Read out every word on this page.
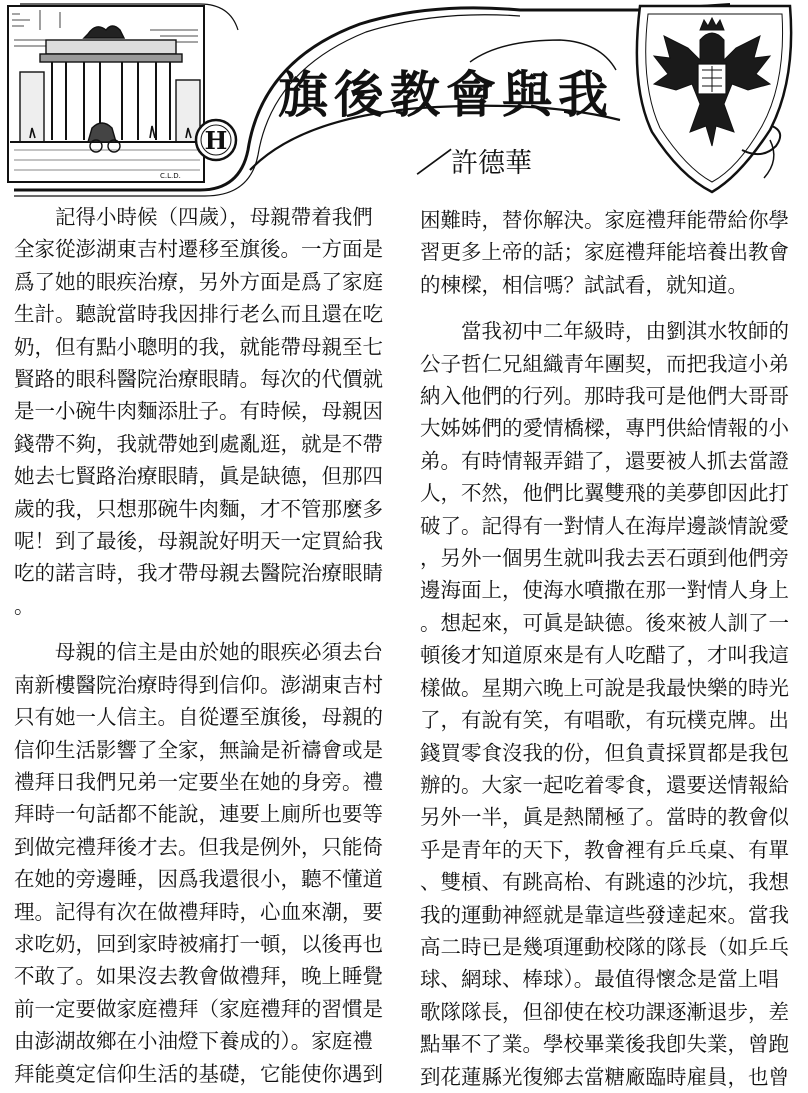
C.L.D.
H
旗後教會與我
／許德華

記得小時候（四歲），母親帶着我們
全家從澎湖東吉村遷移至旗後。一方面是
爲了她的眼疾治療，另外方面是爲了家庭
生計。聽說當時我因排行老么而且還在吃
奶，但有點小聰明的我，就能帶母親至七
賢路的眼科醫院治療眼睛。每次的代價就
是一小碗牛肉麵添肚子。有時候，母親因
錢帶不夠，我就帶她到處亂逛，就是不帶
她去七賢路治療眼睛，眞是缺德，但那四
歲的我，只想那碗牛肉麵，才不管那麼多
呢！到了最後，母親說好明天一定買給我
吃的諾言時，我才帶母親去醫院治療眼睛
。

母親的信主是由於她的眼疾必須去台
南新樓醫院治療時得到信仰。澎湖東吉村
只有她一人信主。自從遷至旗後，母親的
信仰生活影響了全家，無論是祈禱會或是
禮拜日我們兄弟一定要坐在她的身旁。禮
拜時一句話都不能說，連要上廁所也要等
到做完禮拜後才去。但我是例外，只能倚
在她的旁邊睡，因爲我還很小，聽不懂道
理。記得有次在做禮拜時，心血來潮，要
求吃奶，回到家時被痛打一頓，以後再也
不敢了。如果沒去教會做禮拜，晚上睡覺
前一定要做家庭禮拜（家庭禮拜的習慣是
由澎湖故鄉在小油燈下養成的）。家庭禮
拜能奠定信仰生活的基礎，它能使你遇到

困難時，替你解決。家庭禮拜能帶給你學
習更多上帝的話；家庭禮拜能培養出教會
的棟樑，相信嗎？試試看，就知道。

當我初中二年級時，由劉淇水牧師的
公子哲仁兄組織青年團契，而把我這小弟
納入他們的行列。那時我可是他們大哥哥
大姊姊們的愛情橋樑，專門供給情報的小
弟。有時情報弄錯了，還要被人抓去當證
人，不然，他們比翼雙飛的美夢卽因此打
破了。記得有一對情人在海岸邊談情說愛
，另外一個男生就叫我去丟石頭到他們旁
邊海面上，使海水噴撒在那一對情人身上
。想起來，可眞是缺德。後來被人訓了一
頓後才知道原來是有人吃醋了，才叫我這
樣做。星期六晚上可說是我最快樂的時光
了，有說有笑，有唱歌，有玩樸克牌。出
錢買零食沒我的份，但負責採買都是我包
辦的。大家一起吃着零食，還要送情報給
另外一半，眞是熱鬧極了。當時的教會似
乎是青年的天下，教會裡有乒乓桌、有單
、雙槓、有跳高枱、有跳遠的沙坑，我想
我的運動神經就是靠這些發達起來。當我
高二時已是幾項運動校隊的隊長（如乒乓
球、網球、棒球）。最值得懷念是當上唱
歌隊隊長，但卻使在校功課逐漸退步，差
點畢不了業。學校畢業後我卽失業，曾跑
到花蓮縣光復鄉去當糖廠臨時雇員，也曾
